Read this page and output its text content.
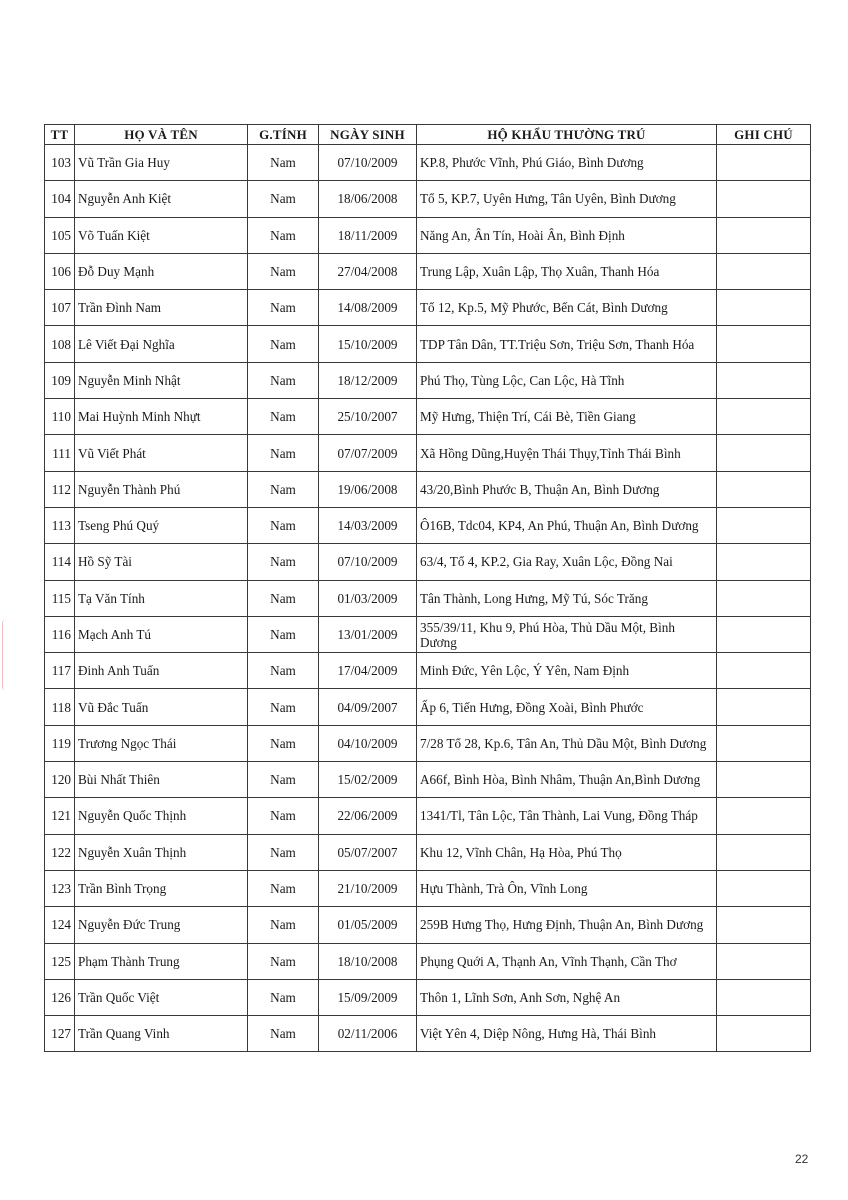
TT	HỌ VÀ TÊN	G.TÍNH	NGÀY SINH	HỘ KHẨU THƯỜNG TRÚ	GHI CHÚ
103	Vũ Trần Gia Huy	Nam	07/10/2009	KP.8, Phước Vĩnh, Phú Giáo, Bình Dương	
104	Nguyễn Anh Kiệt	Nam	18/06/2008	Tổ 5, KP.7, Uyên Hưng, Tân Uyên, Bình Dương	
105	Võ Tuấn Kiệt	Nam	18/11/2009	Năng An, Ân Tín, Hoài Ân, Bình Định	
106	Đỗ Duy Mạnh	Nam	27/04/2008	Trung Lập, Xuân Lập, Thọ Xuân, Thanh Hóa	
107	Trần Đình Nam	Nam	14/08/2009	Tổ 12, Kp.5, Mỹ Phước, Bến Cát, Bình Dương	
108	Lê Viết Đại Nghĩa	Nam	15/10/2009	TDP Tân Dân, TT.Triệu Sơn, Triệu Sơn, Thanh Hóa	
109	Nguyễn Minh Nhật	Nam	18/12/2009	Phú Thọ, Tùng Lộc, Can Lộc, Hà Tĩnh	
110	Mai Huỳnh Minh Nhựt	Nam	25/10/2007	Mỹ Hưng, Thiện Trí, Cái Bè, Tiền Giang	
111	Vũ Viết Phát	Nam	07/07/2009	Xã Hồng Dũng,Huyện Thái Thụy,Tỉnh Thái Bình	
112	Nguyễn Thành Phú	Nam	19/06/2008	43/20,Bình Phước B, Thuận An, Bình Dương	
113	Tseng Phú Quý	Nam	14/03/2009	Ô16B, Tdc04, KP4, An Phú, Thuận An, Bình Dương	
114	Hồ Sỹ Tài	Nam	07/10/2009	63/4, Tổ 4, KP.2, Gia Ray, Xuân Lộc, Đồng Nai	
115	Tạ Văn Tính	Nam	01/03/2009	Tân Thành, Long Hưng, Mỹ Tú, Sóc Trăng	
116	Mạch Anh Tú	Nam	13/01/2009	355/39/11, Khu 9, Phú Hòa, Thủ Dầu Một, Bình Dương	
117	Đinh Anh Tuấn	Nam	17/04/2009	Minh Đức, Yên Lộc, Ý Yên, Nam Định	
118	Vũ Đắc Tuấn	Nam	04/09/2007	Ấp 6, Tiến Hưng, Đồng Xoài, Bình Phước	
119	Trương Ngọc Thái	Nam	04/10/2009	7/28 Tổ 28, Kp.6, Tân An, Thủ Dầu Một, Bình Dương	
120	Bùi Nhất Thiên	Nam	15/02/2009	A66f, Bình Hòa, Bình Nhâm, Thuận An,Bình Dương	
121	Nguyễn Quốc Thịnh	Nam	22/06/2009	1341/Tl, Tân Lộc, Tân Thành, Lai Vung, Đồng Tháp	
122	Nguyễn Xuân Thịnh	Nam	05/07/2007	Khu 12, Vĩnh Chân, Hạ Hòa, Phú Thọ	
123	Trần Bình Trọng	Nam	21/10/2009	Hựu Thành, Trà Ôn, Vĩnh Long	
124	Nguyễn Đức Trung	Nam	01/05/2009	259B Hưng Thọ, Hưng Định, Thuận An, Bình Dương	
125	Phạm Thành Trung	Nam	18/10/2008	Phụng Quới A, Thạnh An, Vĩnh Thạnh, Cần Thơ	
126	Trần Quốc Việt	Nam	15/09/2009	Thôn 1, Lĩnh Sơn, Anh Sơn, Nghệ An	
127	Trần Quang Vinh	Nam	02/11/2006	Việt Yên 4, Diệp Nông, Hưng Hà, Thái Bình	
22
